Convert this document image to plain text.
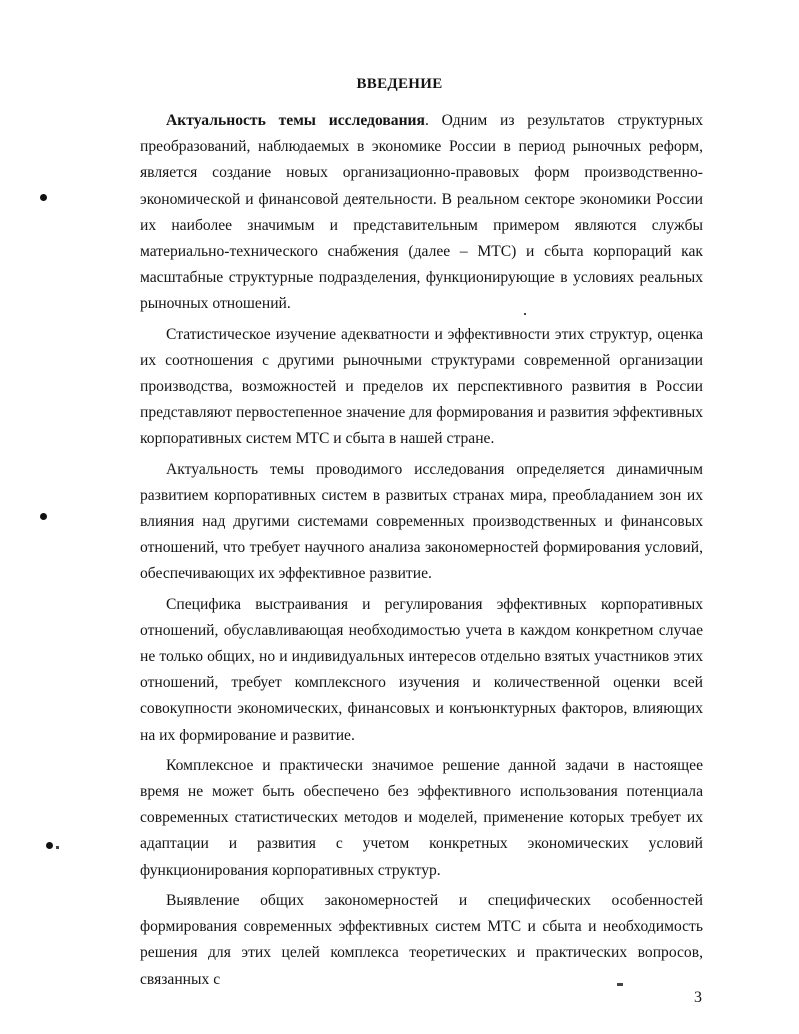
ВВЕДЕНИЕ

Актуальность темы исследования. Одним из результатов структурных преобразований, наблюдаемых в экономике России в период рыночных реформ, является создание новых организационно-правовых форм производственно-экономической и финансовой деятельности. В реальном секторе экономики России их наиболее значимым и представительным примером являются службы материально-технического снабжения (далее – МТС) и сбыта корпораций как масштабные структурные подразделения, функционирующие в условиях реальных рыночных отношений.

Статистическое изучение адекватности и эффективности этих структур, оценка их соотношения с другими рыночными структурами современной организации производства, возможностей и пределов их перспективного развития в России представляют первостепенное значение для формирования и развития эффективных корпоративных систем МТС и сбыта в нашей стране.

Актуальность темы проводимого исследования определяется динамичным развитием корпоративных систем в развитых странах мира, преобладанием зон их влияния над другими системами современных производственных и финансовых отношений, что требует научного анализа закономерностей формирования условий, обеспечивающих их эффективное развитие.

Специфика выстраивания и регулирования эффективных корпоративных отношений, обуславливающая необходимостью учета в каждом конкретном случае не только общих, но и индивидуальных интересов отдельно взятых участников этих отношений, требует комплексного изучения и количественной оценки всей совокупности экономических, финансовых и конъюнктурных факторов, влияющих на их формирование и развитие.

Комплексное и практически значимое решение данной задачи в настоящее время не может быть обеспечено без эффективного использования потенциала современных статистических методов и моделей, применение которых требует их адаптации и развития с учетом конкретных экономических условий функционирования корпоративных структур.

Выявление общих закономерностей и специфических особенностей формирования современных эффективных систем МТС и сбыта и необходимость решения для этих целей комплекса теоретических и практических вопросов, связанных с

3
